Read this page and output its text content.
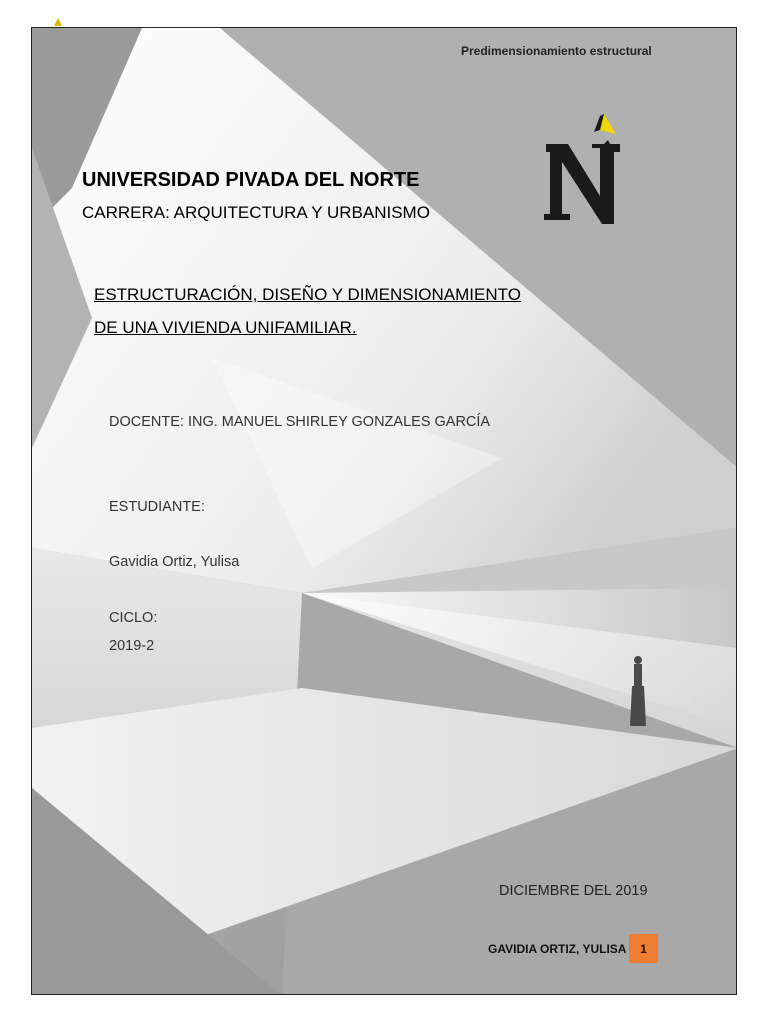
Predimensionamiento estructural
UNIVERSIDAD PIVADA DEL NORTE
CARRERA: ARQUITECTURA Y URBANISMO
ESTRUCTURACIÓN, DISEÑO Y DIMENSIONAMIENTO
DE UNA VIVIENDA UNIFAMILIAR.
DOCENTE: ING. MANUEL SHIRLEY GONZALES GARCÍA
ESTUDIANTE:
Gavidia Ortiz, Yulisa
CICLO:
2019-2
DICIEMBRE DEL 2019
GAVIDIA ORTIZ, YULISA	1
